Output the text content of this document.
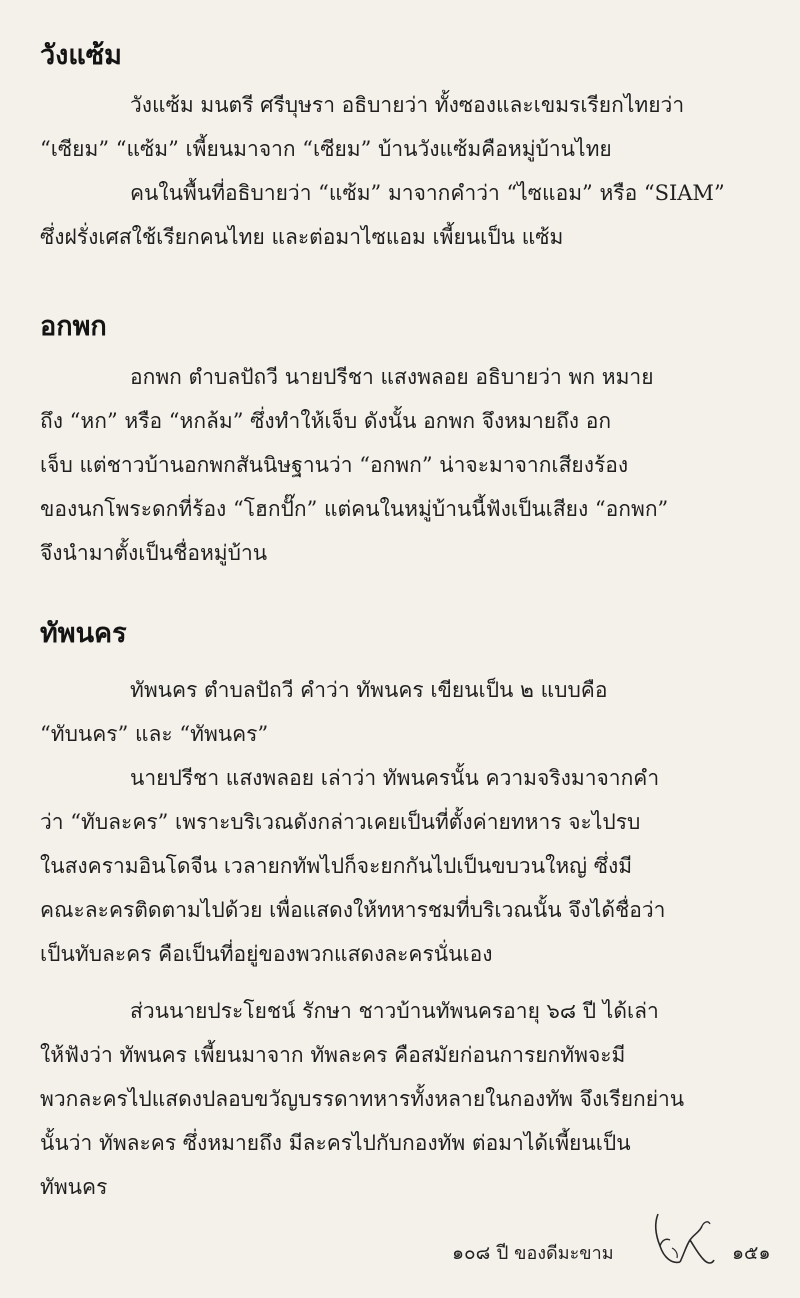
วังแซ้ม

วังแซ้ม มนตรี ศรีบุษรา อธิบายว่า ทั้งซองและเขมรเรียกไทยว่า

“เซียม” “แซ้ม” เพี้ยนมาจาก “เซียม” บ้านวังแซ้มคือหมู่บ้านไทย

คนในพื้นที่อธิบายว่า “แซ้ม” มาจากคำว่า “ไซแอม” หรือ “SIAM”

ซึ่งฝรั่งเศสใช้เรียกคนไทย และต่อมาไซแอม เพี้ยนเป็น แซ้ม

อกพก

อกพก ตำบลปัถวี นายปรีชา แสงพลอย อธิบายว่า พก หมาย

ถึง “หก” หรือ “หกล้ม” ซึ่งทำให้เจ็บ ดังนั้น อกพก จึงหมายถึง อก

เจ็บ แต่ชาวบ้านอกพกสันนิษฐานว่า “อกพก” น่าจะมาจากเสียงร้อง

ของนกโพระดกที่ร้อง “โฮกปั๊ก” แต่คนในหมู่บ้านนี้ฟังเป็นเสียง “อกพก”

จึงนำมาตั้งเป็นชื่อหมู่บ้าน

ทัพนคร

ทัพนคร ตำบลปัถวี คำว่า ทัพนคร เขียนเป็น ๒ แบบคือ

“ทับนคร” และ “ทัพนคร”

นายปรีชา แสงพลอย เล่าว่า ทัพนครนั้น ความจริงมาจากคำ

ว่า “ทับละคร” เพราะบริเวณดังกล่าวเคยเป็นที่ตั้งค่ายทหาร จะไปรบ

ในสงครามอินโดจีน เวลายกทัพไปก็จะยกกันไปเป็นขบวนใหญ่ ซึ่งมี

คณะละครติดตามไปด้วย เพื่อแสดงให้ทหารชมที่บริเวณนั้น จึงได้ชื่อว่า

เป็นทับละคร คือเป็นที่อยู่ของพวกแสดงละครนั่นเอง

ส่วนนายประโยชน์ รักษา ชาวบ้านทัพนครอายุ ๖๘ ปี ได้เล่า

ให้ฟังว่า ทัพนคร เพี้ยนมาจาก ทัพละคร คือสมัยก่อนการยกทัพจะมี

พวกละครไปแสดงปลอบขวัญบรรดาทหารทั้งหลายในกองทัพ จึงเรียกย่าน

นั้นว่า ทัพละคร ซึ่งหมายถึง มีละครไปกับกองทัพ ต่อมาได้เพี้ยนเป็น

ทัพนคร

๑๐๘ ปี ของดีมะขาม	๑๕๑
